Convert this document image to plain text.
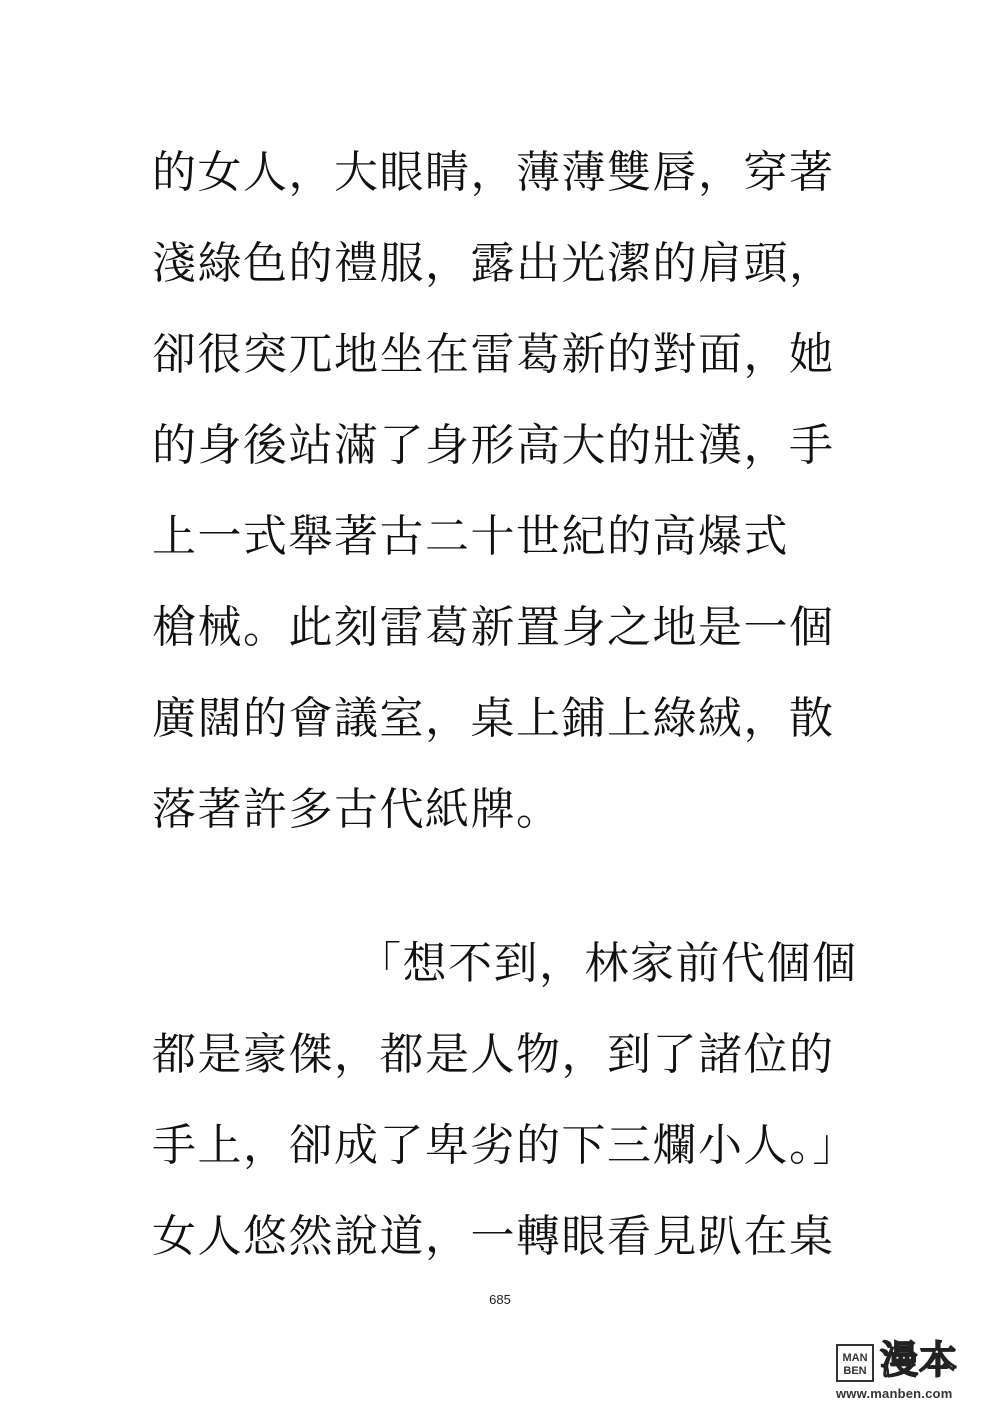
的女人，大眼睛，薄薄雙唇，穿著
淺綠色的禮服，露出光潔的肩頭，
卻很突兀地坐在雷葛新的對面，她
的身後站滿了身形高大的壯漢，手
上一式舉著古二十世紀的高爆式
槍械。此刻雷葛新置身之地是一個
廣闊的會議室，桌上鋪上綠絨，散
落著許多古代紙牌。
「想不到，林家前代個個
都是豪傑，都是人物，到了諸位的
手上，卻成了卑劣的下三爛小人。」
女人悠然說道，一轉眼看見趴在桌
685
MAN
BEN 漫本
www.manben.com
